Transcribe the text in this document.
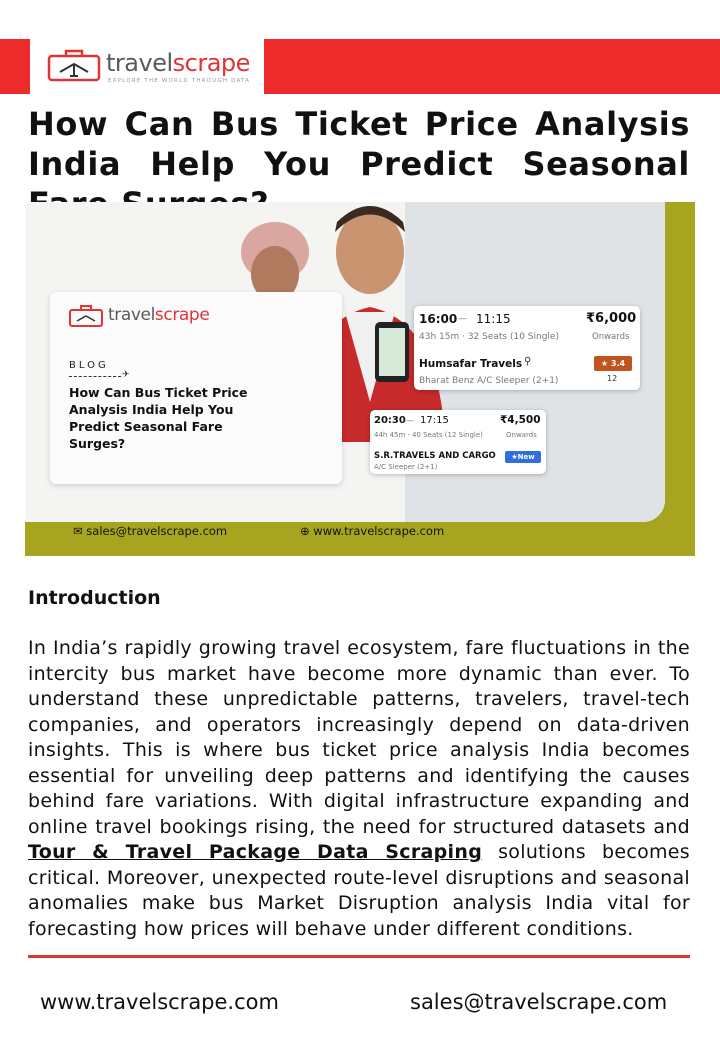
travelscrape
EXPLORE THE WORLD THROUGH DATA
How Can Bus Ticket Price Analysis India Help You Predict Seasonal
travelscrape
BLOG
✈
How Can Bus Ticket Price Analysis India Help You Predict Seasonal Fare Surges?
16:00 — 11:15	₹6,000
43h 15m · 32 Seats (10 Single)	Onwards
Humsafar Travels ⚲	★ 3.4
12
Bharat Benz A/C Sleeper (2+1)
20:30 — 17:15	₹4,500
44h 45m · 40 Seats (12 Single)	Onwards
S.R.TRAVELS AND CARGO	★New
A/C Sleeper (2+1)
✉ sales@travelscrape.com	⊕ www.travelscrape.com
Introduction

In India’s rapidly growing travel ecosystem, fare fluctuations in the intercity bus market have become more dynamic than ever. To understand these unpredictable patterns, travelers, travel-tech companies, and operators increasingly depend on data-driven insights. This is where bus ticket price analysis India becomes essential for unveiling deep patterns and identifying the causes behind fare variations. With digital infrastructure expanding and online travel bookings rising, the need for structured datasets and Tour & Travel Package Data Scraping solutions becomes critical. Moreover, unexpected route-level disruptions and seasonal anomalies make bus Market Disruption analysis India vital for forecasting how prices will behave under different conditions.

www.travelscrape.com	sales@travelscrape.com
